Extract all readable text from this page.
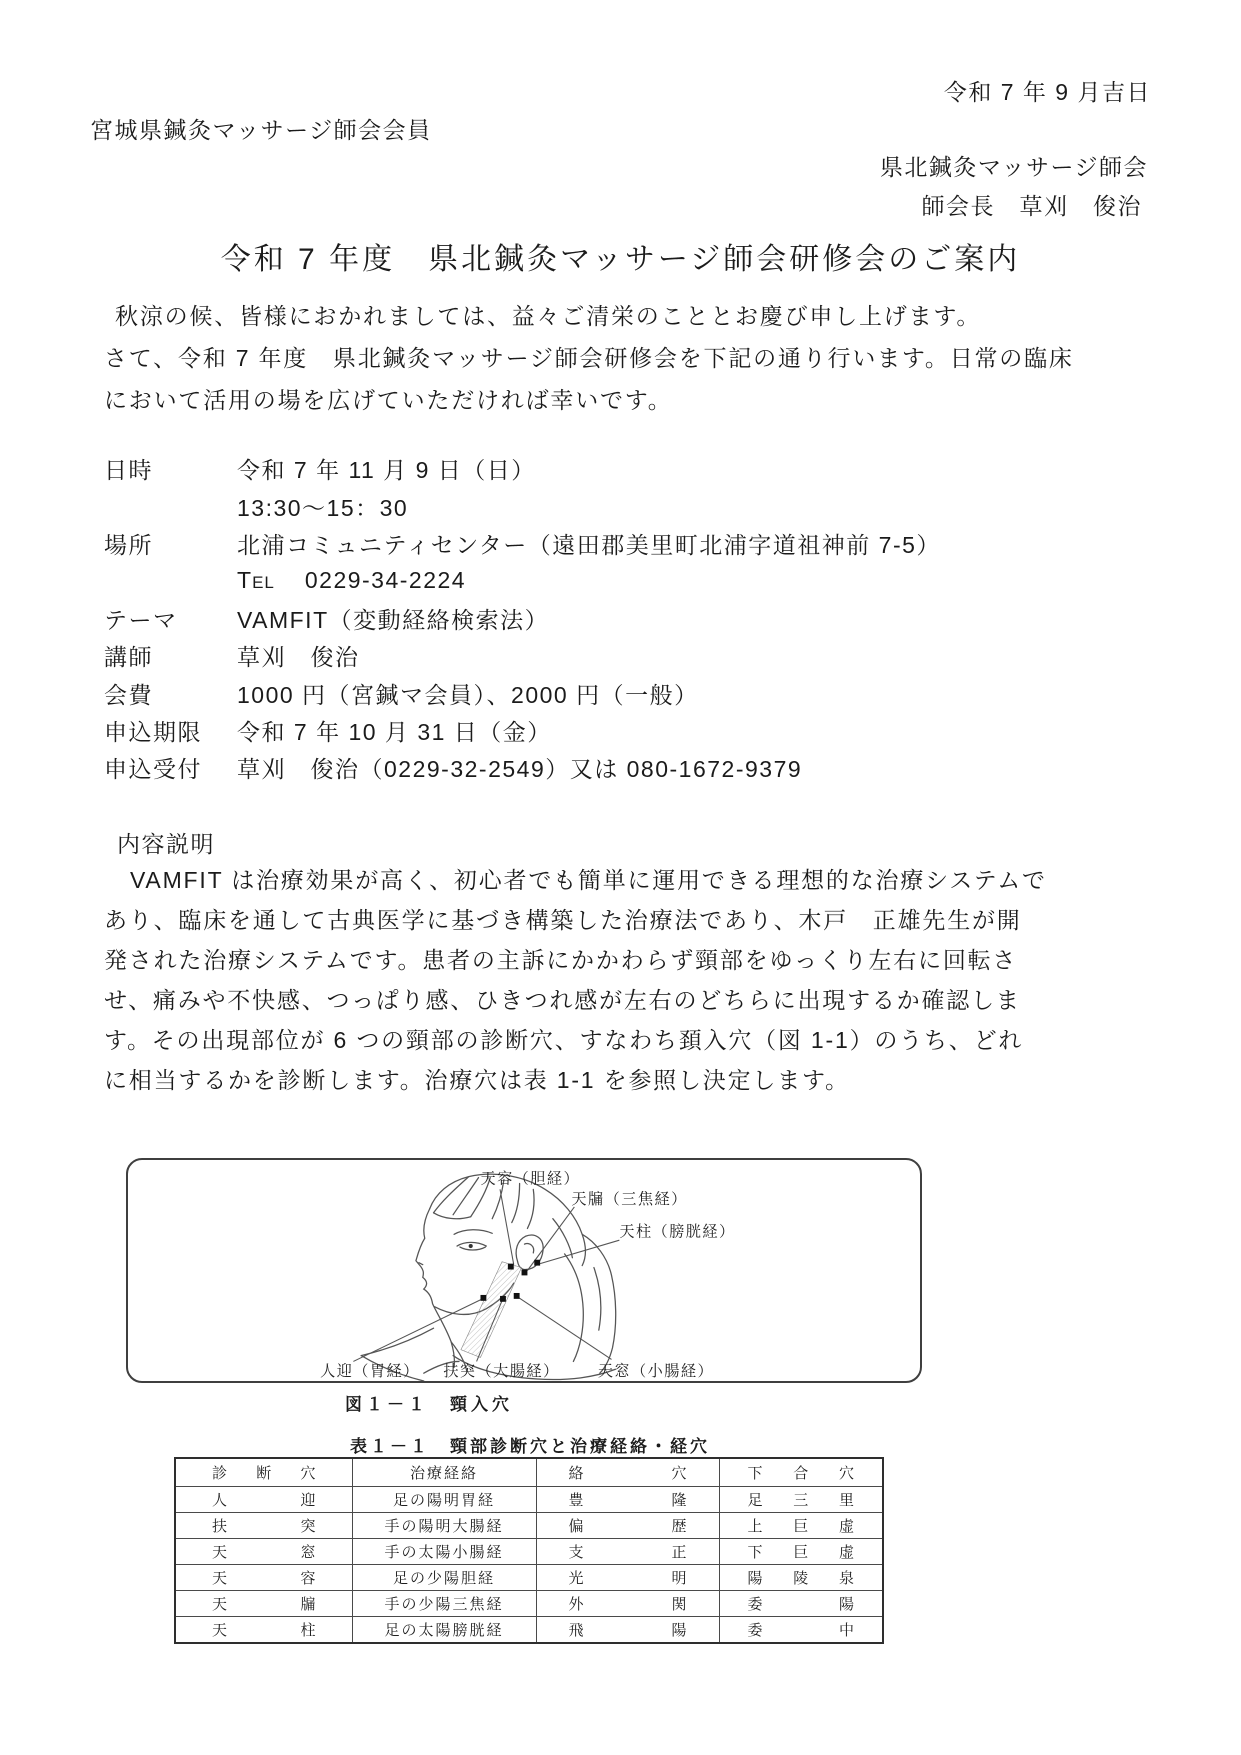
令和 7 年 9 月吉日
宮城県鍼灸マッサージ師会会員
県北鍼灸マッサージ師会
師会長　草刈　俊治
令和 7 年度　県北鍼灸マッサージ師会研修会のご案内
秋涼の候、皆様におかれましては、益々ご清栄のこととお慶び申し上げます。
さて、令和 7 年度　県北鍼灸マッサージ師会研修会を下記の通り行います。日常の臨床
において活用の場を広げていただければ幸いです。
日時	令和 7 年 11 月 9 日（日）
13:30～15：30
場所	北浦コミュニティセンター（遠田郡美里町北浦字道祖神前 7-5）
TEL 0229-34-2224
テーマ	VAMFIT（変動経絡検索法）
講師	草刈　俊治
会費	1000 円（宮鍼マ会員）、2000 円（一般）
申込期限	令和 7 年 10 月 31 日（金）
申込受付	草刈　俊治（0229-32-2549）又は 080-1672-9379
内容説明
VAMFIT は治療効果が高く、初心者でも簡単に運用できる理想的な治療システムで
あり、臨床を通して古典医学に基づき構築した治療法であり、木戸　正雄先生が開
発された治療システムです。患者の主訴にかかわらず頸部をゆっくり左右に回転さ
せ、痛みや不快感、つっぱり感、ひきつれ感が左右のどちらに出現するか確認しま
す。その出現部位が 6 つの頸部の診断穴、すなわち頚入穴（図 1-1）のうち、どれ
に相当するかを診断します。治療穴は表 1-1 を参照し決定します。
天容（胆経）
天牖（三焦経）
天柱（膀胱経）
人迎（胃経） 扶突（大腸経） 天窓（小腸経）
図１－１　頸入穴
表１－１　頸部診断穴と治療経絡・経穴
診断穴	治療経絡	絡穴	下合穴
人迎	足の陽明胃経	豊隆	足三里
扶突	手の陽明大腸経	偏歴	上巨虚
天窓	手の太陽小腸経	支正	下巨虚
天容	足の少陽胆経	光明	陽陵泉
天牖	手の少陽三焦経	外関	委陽
天柱	足の太陽膀胱経	飛陽	委中
